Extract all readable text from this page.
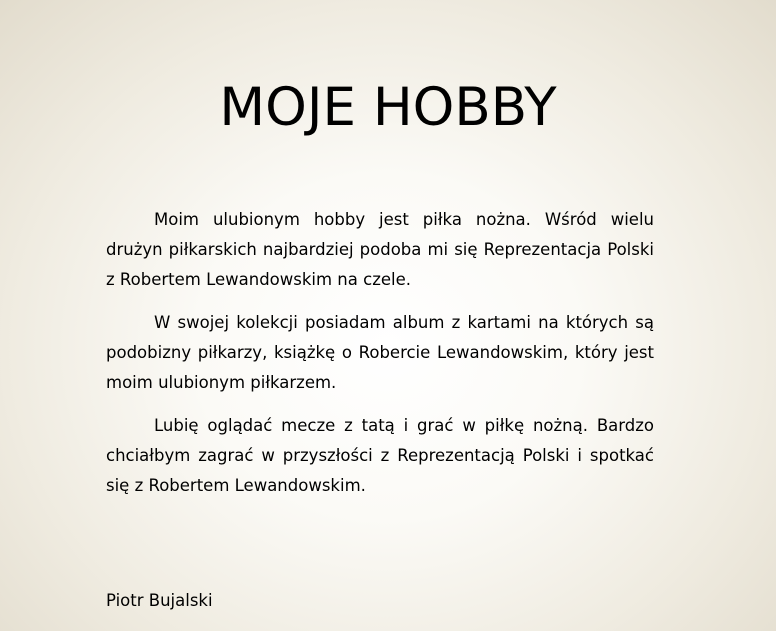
MOJE HOBBY

Moim ulubionym hobby jest piłka nożna. Wśród wielu drużyn piłkarskich najbardziej podoba mi się Reprezentacja Polski z Robertem Lewandowskim na czele.

W swojej kolekcji posiadam album z kartami na których są podobizny piłkarzy, książkę o Robercie Lewandowskim, który jest moim ulubionym piłkarzem.

Lubię oglądać mecze z tatą i grać w piłkę nożną. Bardzo chciałbym zagrać w przyszłości z Reprezentacją Polski i spotkać się z Robertem Lewandowskim.

Piotr Bujalski
